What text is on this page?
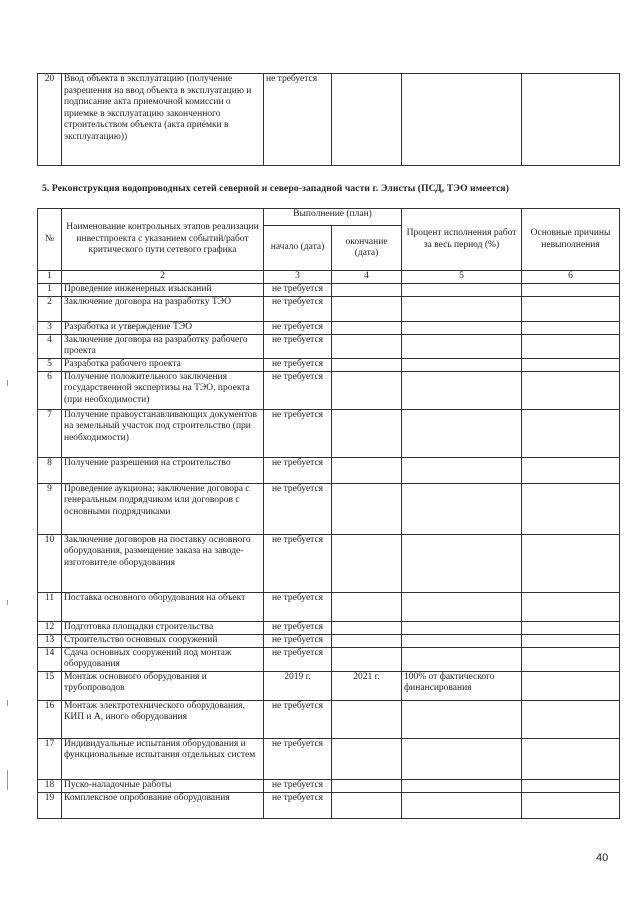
20	Ввод объекта в эксплуатацию (получение разрешения на ввод объекта в эксплуатацию и подписание акта приемочной комиссии о приемке в эксплуатацию законченного строительством объекта (акта приёмки в эксплуатацию))	не требуется			
5. Реконструкция водопроводных сетей северной и северо-западной части г. Элисты (ПСД, ТЭО имеется)
№	Наименование контрольных этапов реализации инвестпроекта с указанием событий/работ критического пути сетевого графика	Выполнение (план)		Процент исполнения работ за весь период (%)	Основные причины невыполнения
		начало (дата)	окончание (дата)		
1	2	3	4	5	6
1	Проведение инженерных изысканий	не требуется			
2	Заключение договора на разработку ТЭО	не требуется			
3	Разработка и утверждение ТЭО	не требуется			
4	Заключение договора на разработку рабочего проекта	не требуется			
5	Разработка рабочего проекта	не требуется			
6	Получение положительного заключения государственной экспертизы на ТЭО, проекта (при необходимости)	не требуется			
7	Получение правоустанавливающих документов на земельный участок под строительство (при необходимости)	не требуется			
8	Получение разрешения на строительство	не требуется			
9	Проведение аукциона; заключение договора с генеральным подрядчиком или договоров с основными подрядчиками	не требуется			
10	Заключение договоров на поставку основного оборудования, размещение заказа на заводе-изготовителе оборудования	не требуется			
11	Поставка основного оборудования на объект	не требуется			
12	Подготовка площадки строительства	не требуется			
13	Строительство основных сооружений	не требуется			
14	Сдача основных сооружений под монтаж оборудования	не требуется			
15	Монтаж основного оборудования и трубопроводов	2019 г.	2021 г.	100% от фактического финансирования	
16	Монтаж электротехнического оборудования, КИП и А, иного оборудования	не требуется			
17	Индивидуальные испытания оборудования и функциональные испытания отдельных систем	не требуется			
18	Пуско-наладочные работы	не требуется			
19	Комплексное опробование оборудования	не требуется			
40
